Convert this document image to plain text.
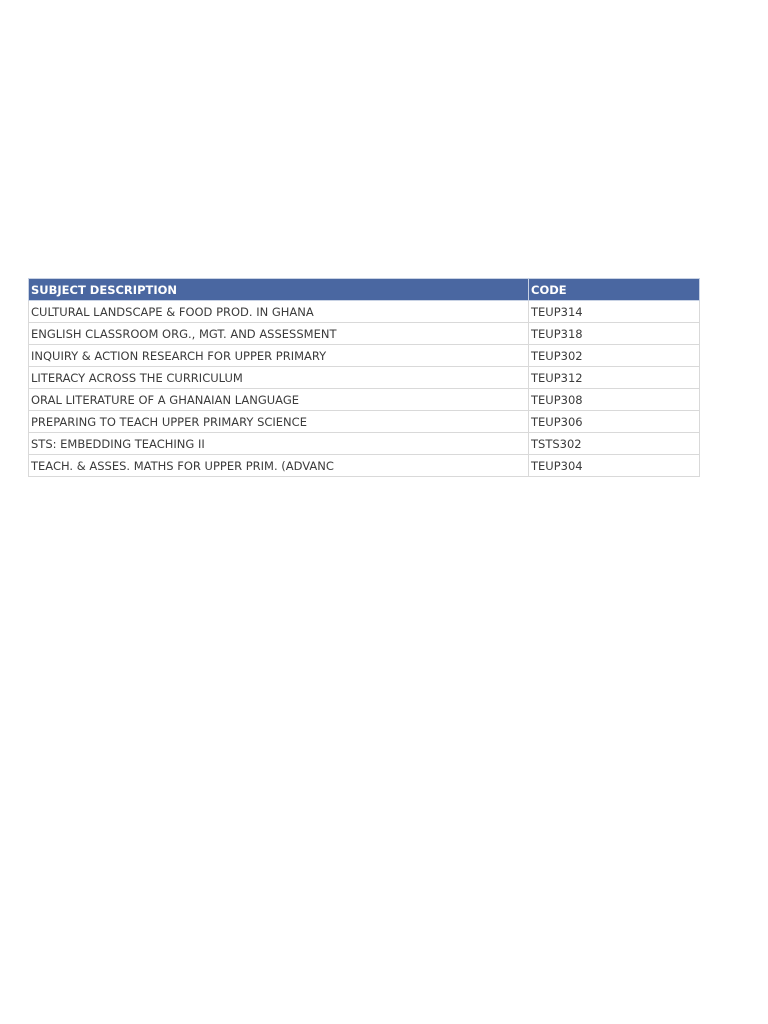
SUBJECT DESCRIPTION	CODE
CULTURAL LANDSCAPE & FOOD PROD. IN GHANA	TEUP314
ENGLISH CLASSROOM ORG., MGT. AND ASSESSMENT	TEUP318
INQUIRY & ACTION RESEARCH FOR UPPER PRIMARY	TEUP302
LITERACY ACROSS THE CURRICULUM	TEUP312
ORAL LITERATURE OF A GHANAIAN LANGUAGE	TEUP308
PREPARING TO TEACH UPPER PRIMARY SCIENCE	TEUP306
STS: EMBEDDING TEACHING II	TSTS302
TEACH. & ASSES. MATHS FOR UPPER PRIM. (ADVANC	TEUP304
